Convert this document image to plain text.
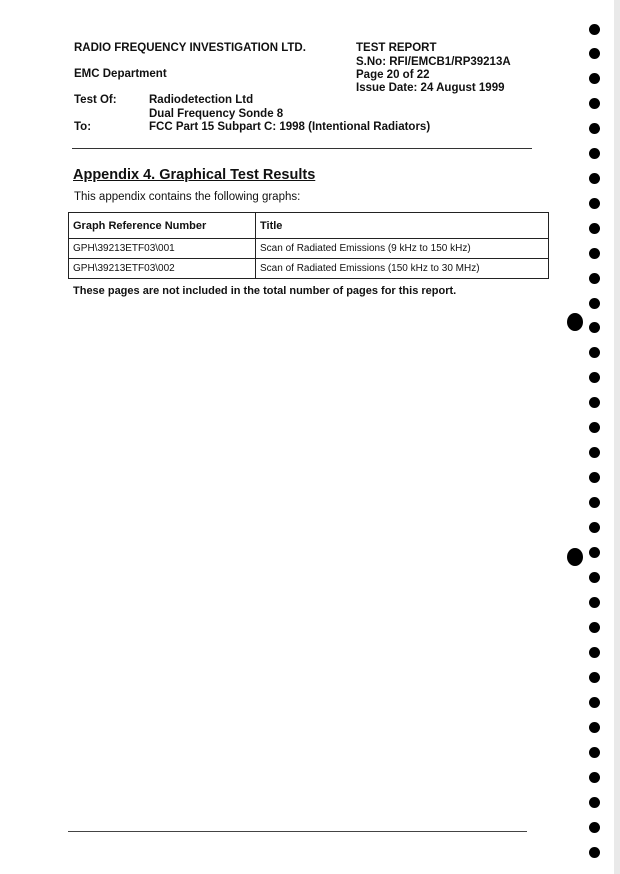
RADIO FREQUENCY INVESTIGATION LTD.
EMC Department
Test Of:	Radiodetection Ltd
Dual Frequency Sonde 8
To:	FCC Part 15 Subpart C: 1998 (Intentional Radiators)
TEST REPORT
S.No: RFI/EMCB1/RP39213A
Page 20 of 22
Issue Date: 24 August 1999
Appendix 4. Graphical Test Results
This appendix contains the following graphs:
Graph Reference Number	Title
GPH\39213ETF03\001	Scan of Radiated Emissions (9 kHz to 150 kHz)
GPH\39213ETF03\002	Scan of Radiated Emissions (150 kHz to 30 MHz)
These pages are not included in the total number of pages for this report.
